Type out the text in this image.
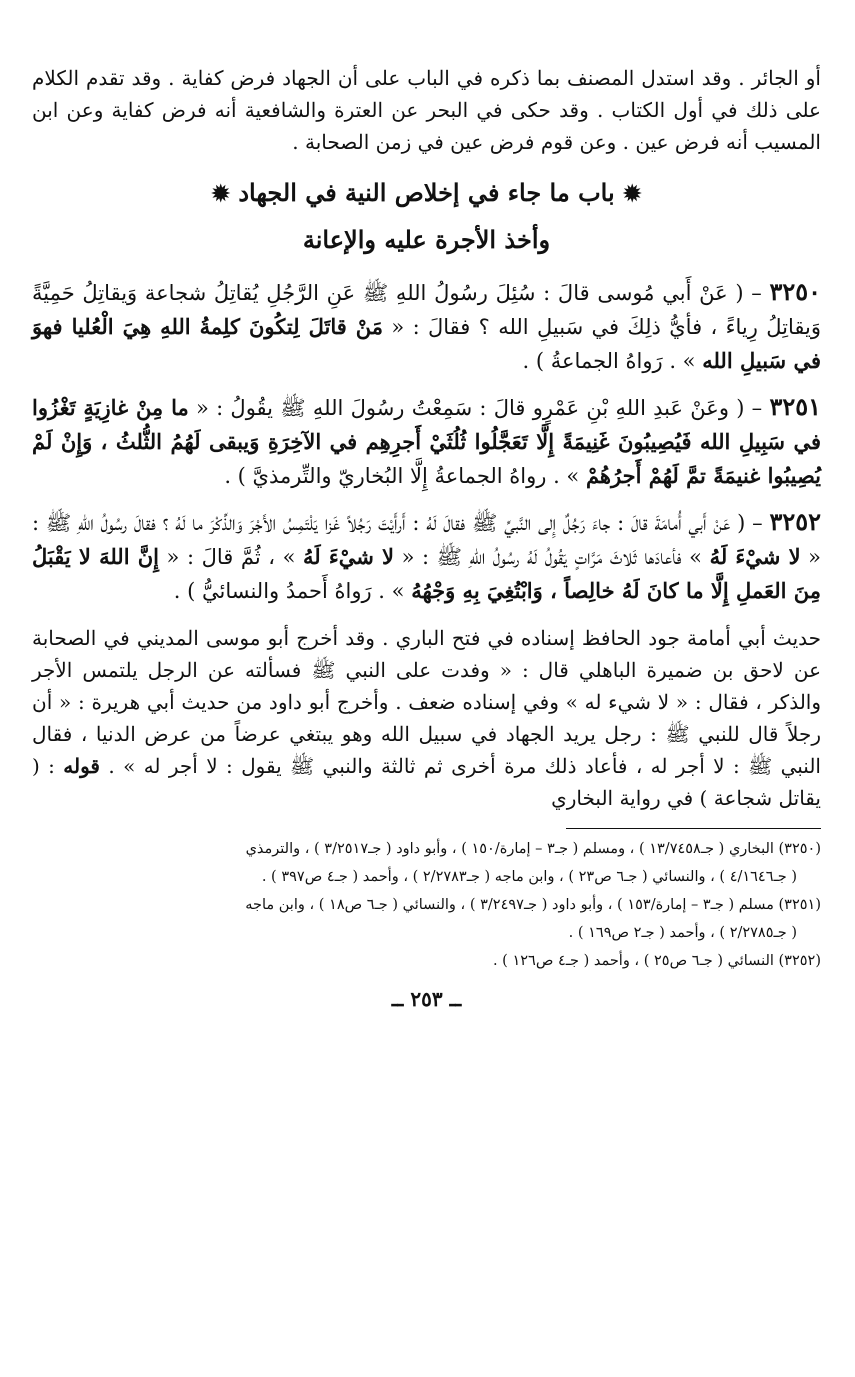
أو الجائر . وقد استدل المصنف بما ذكره في الباب على أن الجهاد فرض كفاية . وقد تقدم الكلام على ذلك في أول الكتاب . وقد حكى في البحر عن العترة والشافعية أنه فرض كفاية وعن ابن المسيب أنه فرض عين . وعن قوم فرض عين في زمن الصحابة .

✹ باب ما جاء في إخلاص النية في الجهاد ✹
وأخذ الأجرة عليه والإعانة

٣٢٥٠ – ( عَنْ أَبي مُوسى قالَ : سُئِلَ رسُولُ اللهِ ﷺ عَنِ الرَّجُلِ يُقاتِلُ شجاعة وَيقاتِلُ حَمِيَّةً وَيقاتِلُ رِياءً ، فأيُّ ذلِكَ في سَبيلِ الله ؟ فقالَ : « مَنْ قاتَلَ لِتكُونَ كلِمةُ اللهِ هِيَ الْعُليا فهوَ في سَبيلِ الله » . رَواهُ الجماعةُ ) .

٣٢٥١ – ( وعَنْ عَبدِ اللهِ بْنِ عَمْرٍو قالَ : سَمِعْتُ رسُولَ اللهِ ﷺ يقُولُ : « ما مِنْ غازِيَةٍ تَغْزُوا في سَبِيلِ الله فَيُصِيبُونَ غَنِيمَةً إِلَّا تَعَجَّلُوا ثُلُثَيْ أَجرِهِم في الآخِرَةِ وَيبقى لَهُمُ الثُّلثُ ، وَإِنْ لَمْ يُصِيبُوا غنيمَةً تمَّ لَهُمْ أَجرُهُمْ » . رواهُ الجماعةُ إِلَّا البُخاريّ والتِّرمذيَّ ) .

٣٢٥٢ – ( عَنْ أَبي أُمامَةَ قالَ : جاءَ رَجُلٌ إِلى النَّبيِّ ﷺ فقالَ لَهُ : أَرأَيْتَ رَجُلاً غَزا يَلْتَمِسُ الأَجْرَ وَالذِّكْرَ ما لَهُ ؟ فقالَ رسُولُ اللهِ ﷺ : « لا شيْءَ لَهُ » فأعادَها ثَلاثَ مَرَّاتٍ يَقُولُ لَهُ رسُولُ اللهِ ﷺ : « لا شيْءَ لَهُ » ، ثُمَّ قالَ : « إِنَّ اللهَ لا يَقْبَلُ مِنَ العَملِ إِلَّا ما كانَ لَهُ خالِصاً ، وَابْتُغِيَ بِهِ وَجْهُهُ » . رَواهُ أَحمدُ والنسائيُّ ) .

حديث أبي أمامة جود الحافظ إسناده في فتح الباري . وقد أخرج أبو موسى المديني في الصحابة عن لاحق بن ضميرة الباهلي قال : « وفدت على النبي ﷺ فسألته عن الرجل يلتمس الأجر والذكر ، فقال : « لا شيء له » وفي إسناده ضعف . وأخرج أبو داود من حديث أبي هريرة : « أن رجلاً قال للنبي ﷺ : رجل يريد الجهاد في سبيل الله وهو يبتغي عرضاً من عرض الدنيا ، فقال النبي ﷺ : لا أجر له ، فأعاد ذلك مرة أخرى ثم ثالثة والنبي ﷺ يقول : لا أجر له » . قوله : ( يقاتل شجاعة ) في رواية البخاري

(٣٢٥٠) البخاري ( جـ١٣/٧٤٥٨ ) ، ومسلم ( جـ٣ – إمارة/١٥٠ ) ، وأبو داود ( جـ٣/٢٥١٧ ) ، والترمذي

( جـ٤/١٦٤٦ ) ، والنسائي ( جـ٦ ص٢٣ ) ، وابن ماجه ( جـ٢/٢٧٨٣ ) ، وأحمد ( جـ٤ ص٣٩٧ ) .

(٣٢٥١) مسلم ( جـ٣ – إمارة/١٥٣ ) ، وأبو داود ( جـ٣/٢٤٩٧ ) ، والنسائي ( جـ٦ ص١٨ ) ، وابن ماجه

( جـ٢/٢٧٨٥ ) ، وأحمد ( جـ٢ ص١٦٩ ) .

(٣٢٥٢) النسائي ( جـ٦ ص٢٥ ) ، وأحمد ( جـ٤ ص١٢٦ ) .

ــ ٢٥٣ ــ
